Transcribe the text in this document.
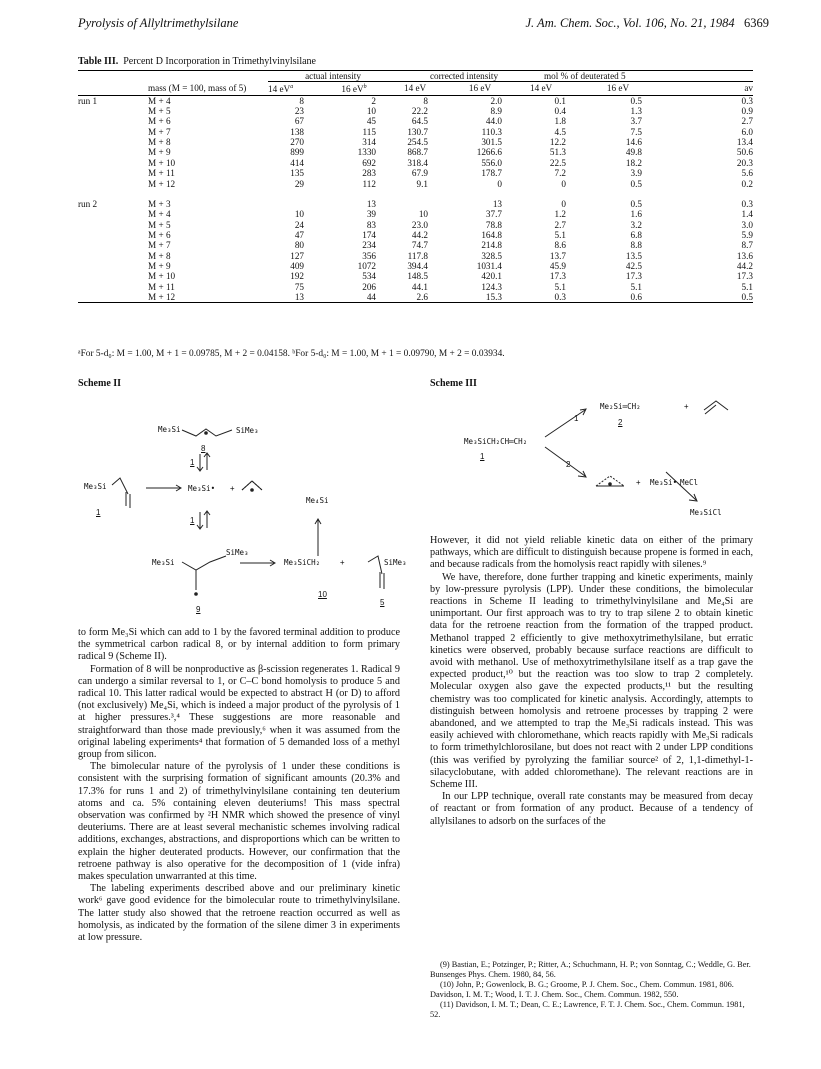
Pyrolysis of Allyltrimethylsilane	J. Am. Chem. Soc., Vol. 106, No. 21, 1984 6369
Table III. Percent D Incorporation in Trimethylvinylsilane
		actual intensity		corrected intensity		mol % of deuterated 5		
	mass (M = 100, mass of 5)	14 $eV^a$	16 $eV^b$	14 eV	16 eV	14 eV	16 eV	av
run 1	M + 4	8	2	8	2.0	0.1	0.5	0.3
	M + 5	23	10	22.2	8.9	0.4	1.3	0.9
	M + 6	67	45	64.5	44.0	1.8	3.7	2.7
	M + 7	138	115	130.7	110.3	4.5	7.5	6.0
	M + 8	270	314	254.5	301.5	12.2	14.6	13.4
	M + 9	899	1330	868.7	1266.6	51.3	49.8	50.6
	M + 10	414	692	318.4	556.0	22.5	18.2	20.3
	M + 11	135	283	67.9	178.7	7.2	3.9	5.6
	M + 12	29	112	9.1	0	0	0.5	0.2

run 2	M + 3		13		13	0	0.5	0.3
	M + 4	10	39	10	37.7	1.2	1.6	1.4
	M + 5	24	83	23.0	78.8	2.7	3.2	3.0
	M + 6	47	174	44.2	164.8	5.1	6.8	5.9
	M + 7	80	234	74.7	214.8	8.6	8.8	8.7
	M + 8	127	356	117.8	328.5	13.7	13.5	13.6
	M + 9	409	1072	394.4	1031.4	45.9	42.5	44.2
	M + 10	192	534	148.5	420.1	17.3	17.3	17.3
	M + 11	75	206	44.1	124.3	5.1	5.1	5.1
	M + 12	13	44	2.6	15.3	0.3	0.6	0.5
ᵃFor 5-d₀: M = 1.00, M + 1 = 0.09785, M + 2 = 0.04158. ᵇFor 5-d₀: M = 1.00, M + 1 = 0.09790, M + 2 = 0.03934.
Scheme II
Me₃Si	SiMe₃
8
1
Me₃Si
1
Me₃Si• +
1
Me₄Si
Me₃Si
SiMe₃
9
Me₃SiCH₂	+	SiMe₃
10
5
Scheme III
Me₂Si═CH₂	+
2
1
Me₃SiCH₂CH═CH₂
1
2
+ Me₃Si• MeCl
Me₃SiCl

to form Me₃Si which can add to 1 by the favored terminal addition to produce the symmetrical carbon radical 8, or by internal addition to form primary radical 9 (Scheme II).

Formation of 8 will be nonproductive as β-scission regenerates 1. Radical 9 can undergo a similar reversal to 1, or C–C bond homolysis to produce 5 and radical 10. This latter radical would be expected to abstract H (or D) to afford (not exclusively) Me₄Si, which is indeed a major product of the pyrolysis of 1 at higher pressures.³,⁴ These suggestions are more reasonable and straightforward than those made previously,⁶ when it was assumed from the original labeling experiments⁴ that formation of 5 demanded loss of a methyl group from silicon.

The bimolecular nature of the pyrolysis of 1 under these conditions is consistent with the surprising formation of significant amounts (20.3% and 17.3% for runs 1 and 2) of trimethylvinylsilane containing ten deuterium atoms and ca. 5% containing eleven deuteriums! This mass spectral observation was confirmed by ²H NMR which showed the presence of vinyl deuteriums. There are at least several mechanistic schemes involving radical additions, exchanges, abstractions, and disproportions which can be written to explain the higher deuterated products. However, our confirmation that the retroene pathway is also operative for the decomposition of 1 (vide infra) makes speculation unwarranted at this time.

The labeling experiments described above and our preliminary kinetic work⁶ gave good evidence for the bimolecular route to trimethylvinylsilane. The latter study also showed that the retroene reaction occurred as well as homolysis, as indicated by the formation of the silene dimer 3 in experiments at low pressure.

However, it did not yield reliable kinetic data on either of the primary pathways, which are difficult to distinguish because propene is formed in each, and because radicals from the homolysis react rapidly with silenes.⁹

We have, therefore, done further trapping and kinetic experiments, mainly by low-pressure pyrolysis (LPP). Under these conditions, the bimolecular reactions in Scheme II leading to trimethylvinylsilane and Me₄Si are unimportant. Our first approach was to try to trap silene 2 to obtain kinetic data for the retroene reaction from the formation of the trapped product. Methanol trapped 2 efficiently to give methoxytrimethylsilane, but erratic kinetics were observed, probably because surface reactions are difficult to avoid with methanol. Use of methoxytrimethylsilane itself as a trap gave the expected product,¹⁰ but the reaction was too slow to trap 2 completely. Molecular oxygen also gave the expected products,¹¹ but the resulting chemistry was too complicated for kinetic analysis. Accordingly, attempts to distinguish between homolysis and retroene processes by trapping 2 were abandoned, and we attempted to trap the Me₃Si radicals instead. This was easily achieved with chloromethane, which reacts rapidly with Me₃Si radicals to form trimethylchlorosilane, but does not react with 2 under LPP conditions (this was verified by pyrolyzing the familiar source² of 2, 1,1-dimethyl-1-silacyclobutane, with added chloromethane). The relevant reactions are in Scheme III.

In our LPP technique, overall rate constants may be measured from decay of reactant or from formation of any product. Because of a tendency of allylsilanes to adsorb on the surfaces of the

(9) Bastian, E.; Potzinger, P.; Ritter, A.; Schuchmann, H. P.; von Sonntag, C.; Weddle, G. Ber. Bunsenges Phys. Chem. 1980, 84, 56.

(10) John, P.; Gowenlock, B. G.; Groome, P. J. Chem. Soc., Chem. Commun. 1981, 806. Davidson, I. M. T.; Wood, I. T. J. Chem. Soc., Chem. Commun. 1982, 550.

(11) Davidson, I. M. T.; Dean, C. E.; Lawrence, F. T. J. Chem. Soc., Chem. Commun. 1981, 52.
